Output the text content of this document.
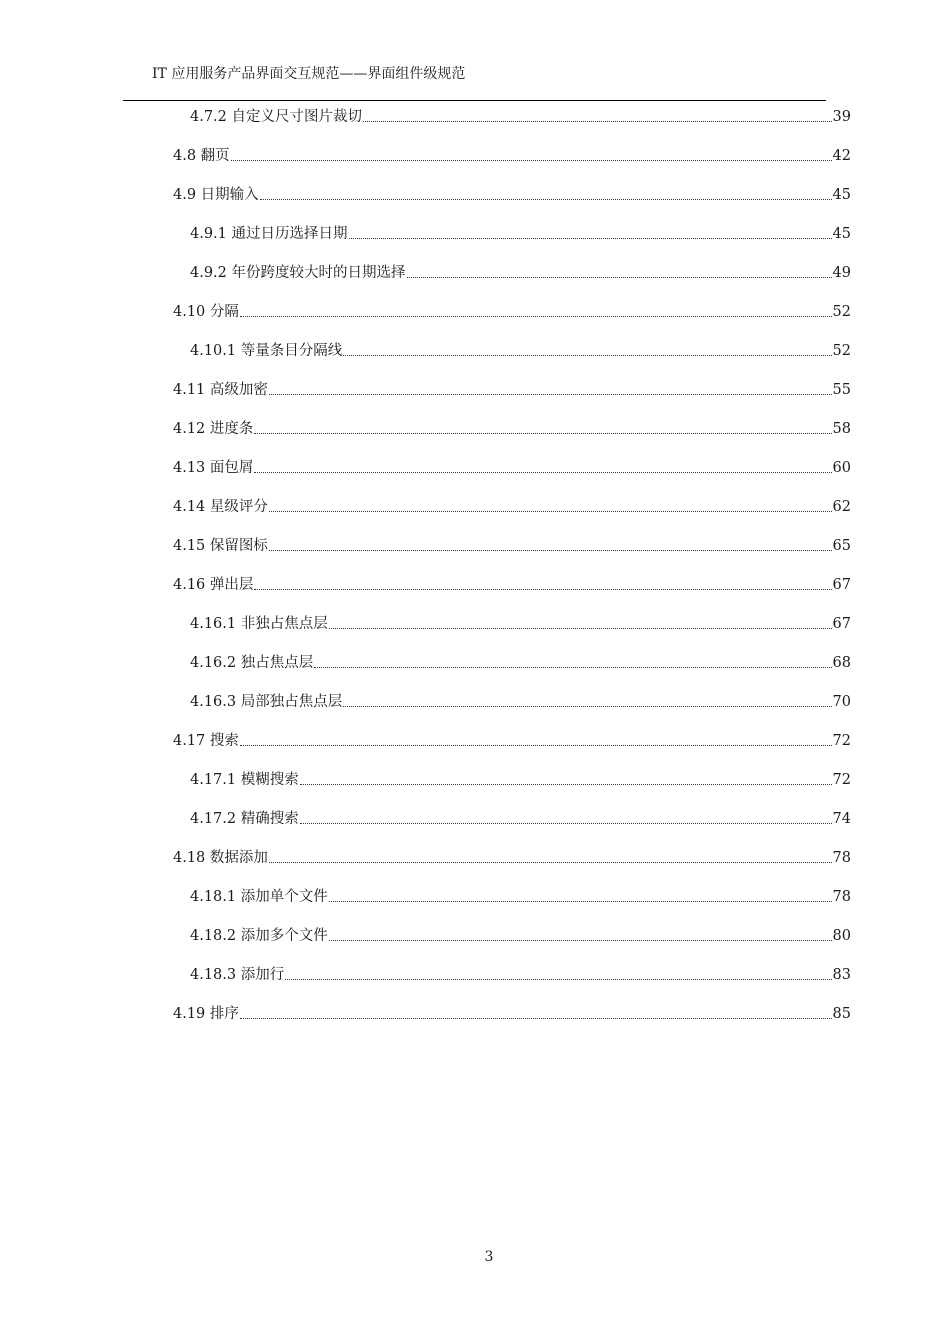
IT 应用服务产品界面交互规范——界面组件级规范
4.7.2 自定义尺寸图片裁切	39
4.8 翻页	42
4.9 日期输入	45
4.9.1 通过日历选择日期	45
4.9.2 年份跨度较大时的日期选择	49
4.10 分隔	52
4.10.1 等量条目分隔线	52
4.11 高级加密	55
4.12 进度条	58
4.13 面包屑	60
4.14 星级评分	62
4.15 保留图标	65
4.16 弹出层	67
4.16.1 非独占焦点层	67
4.16.2 独占焦点层	68
4.16.3 局部独占焦点层	70
4.17 搜索	72
4.17.1 模糊搜索	72
4.17.2 精确搜索	74
4.18 数据添加	78
4.18.1 添加单个文件	78
4.18.2 添加多个文件	80
4.18.3 添加行	83
4.19 排序	85
3
